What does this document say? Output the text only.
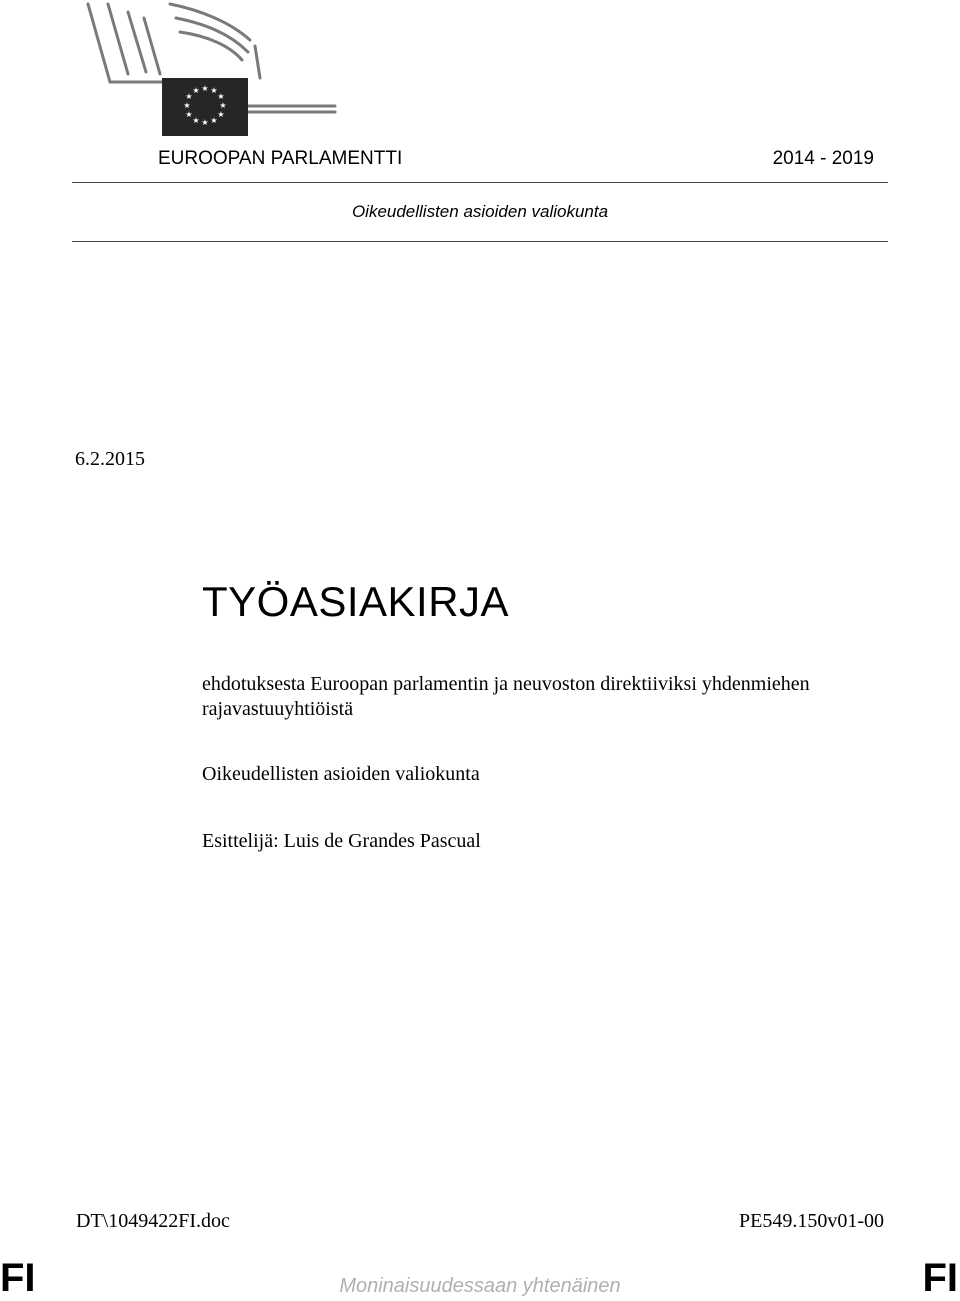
★ ★
★
★
★
★
★
★
★
★
★
★
EUROOPAN PARLAMENTTI	2014 - 2019
Oikeudellisten asioiden valiokunta
6.2.2015
TYÖASIAKIRJA
ehdotuksesta Euroopan parlamentin ja neuvoston direktiiviksi yhdenmiehen
rajavastuuyhtiöistä
Oikeudellisten asioiden valiokunta
Esittelijä: Luis de Grandes Pascual
DT\1049422FI.doc	PE549.150v01-00
FI	FI
Moninaisuudessaan yhtenäinen
